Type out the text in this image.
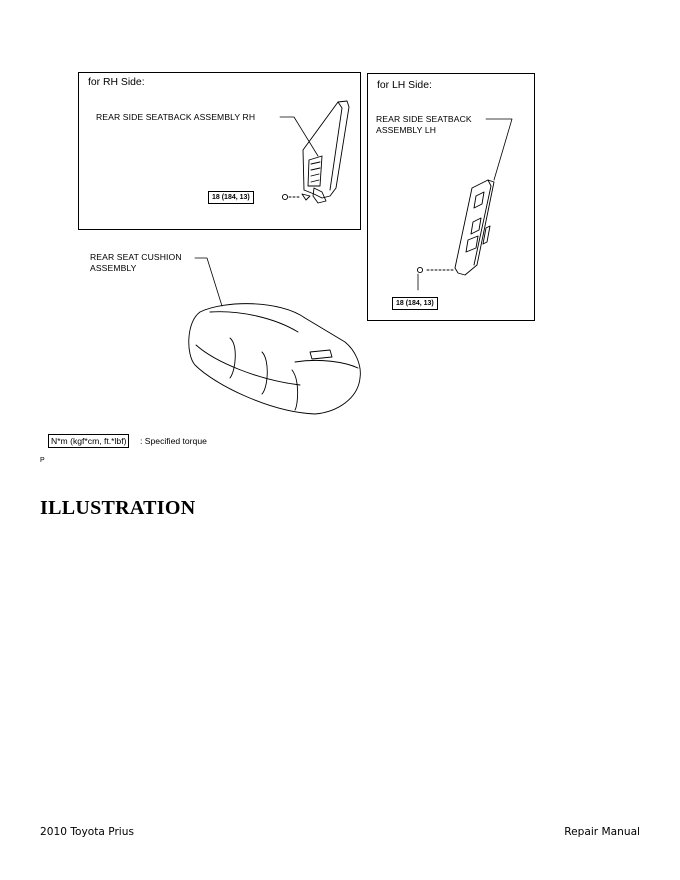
for RH Side:
REAR SIDE SEATBACK ASSEMBLY RH
18 (184, 13)
for LH Side:
REAR SIDE SEATBACK
ASSEMBLY LH
18 (184, 13)
REAR SEAT CUSHION
ASSEMBLY
N*m (kgf*cm, ft.*lbf)	: Specified torque
P
ILLUSTRATION
2010 Toyota Prius	Repair Manual
